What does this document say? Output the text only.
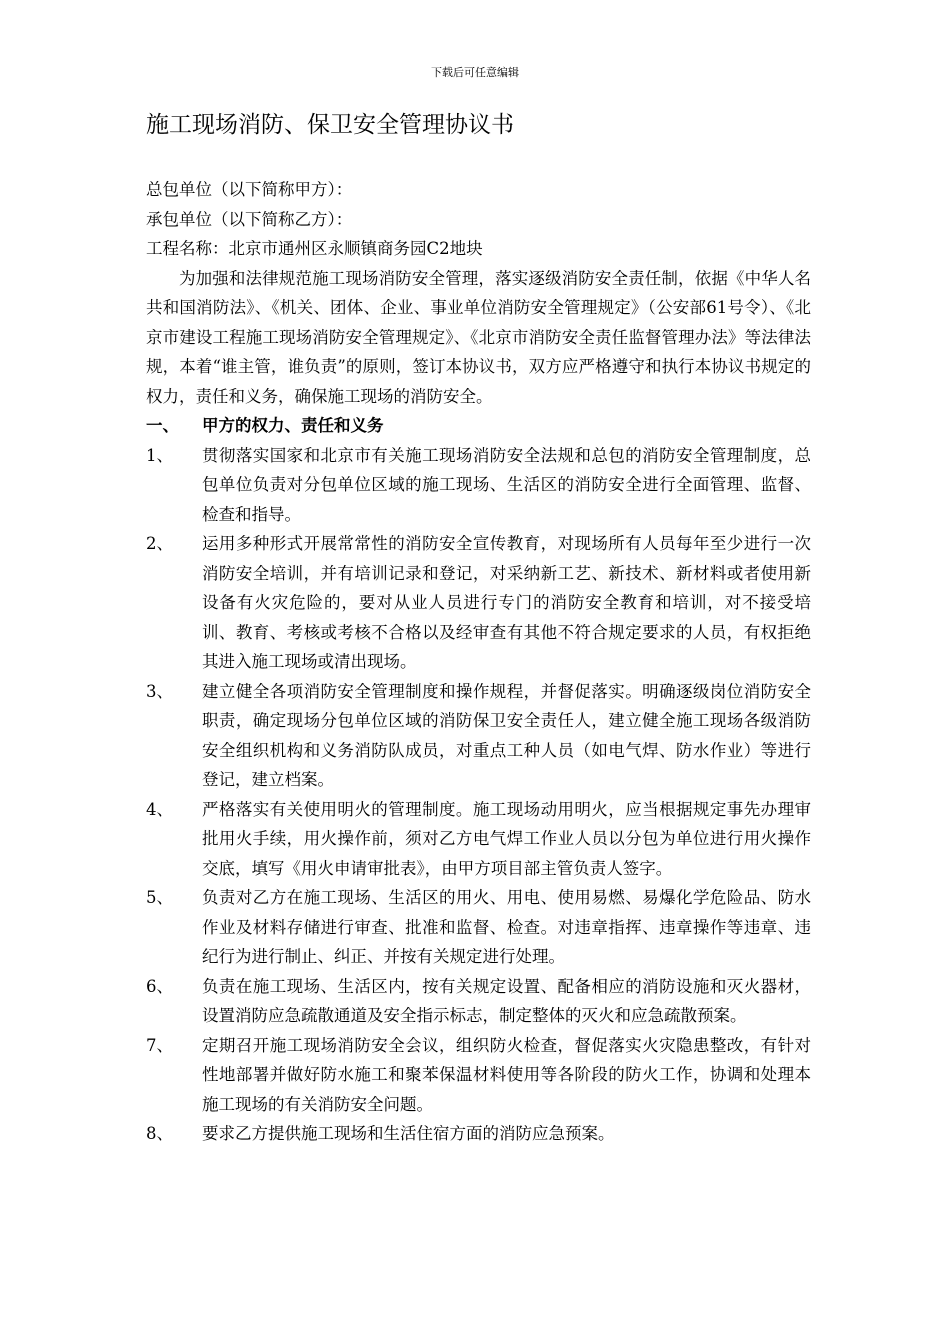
下载后可任意编辑
施工现场消防、保卫安全管理协议书
总包单位（以下简称甲方）：
承包单位（以下简称乙方）：
工程名称：北京市通州区永顺镇商务园C2地块

为加强和法律规范施工现场消防安全管理，落实逐级消防安全责任制，依据《中华人名共和国消防法》、《机关、团体、企业、事业单位消防安全管理规定》（公安部61号令）、《北京市建设工程施工现场消防安全管理规定》、《北京市消防安全责任监督管理办法》等法律法规，本着“谁主管，谁负责”的原则，签订本协议书，双方应严格遵守和执行本协议书规定的权力，责任和义务，确保施工现场的消防安全。

一、	甲方的权力、责任和义务
1、	贯彻落实国家和北京市有关施工现场消防安全法规和总包的消防安全管理制度，总包单位负责对分包单位区域的施工现场、生活区的消防安全进行全面管理、监督、检查和指导。
2、	运用多种形式开展常常性的消防安全宣传教育，对现场所有人员每年至少进行一次消防安全培训，并有培训记录和登记，对采纳新工艺、新技术、新材料或者使用新设备有火灾危险的，要对从业人员进行专门的消防安全教育和培训，对不接受培训、教育、考核或考核不合格以及经审查有其他不符合规定要求的人员，有权拒绝其进入施工现场或清出现场。
3、	建立健全各项消防安全管理制度和操作规程，并督促落实。明确逐级岗位消防安全职责，确定现场分包单位区域的消防保卫安全责任人，建立健全施工现场各级消防安全组织机构和义务消防队成员，对重点工种人员（如电气焊、防水作业）等进行登记，建立档案。
4、	严格落实有关使用明火的管理制度。施工现场动用明火，应当根据规定事先办理审批用火手续，用火操作前，须对乙方电气焊工作业人员以分包为单位进行用火操作交底，填写《用火申请审批表》，由甲方项目部主管负责人签字。
5、	负责对乙方在施工现场、生活区的用火、用电、使用易燃、易爆化学危险品、防水作业及材料存储进行审查、批准和监督、检查。对违章指挥、违章操作等违章、违纪行为进行制止、纠正、并按有关规定进行处理。
6、	负责在施工现场、生活区内，按有关规定设置、配备相应的消防设施和灭火器材，设置消防应急疏散通道及安全指示标志，制定整体的灭火和应急疏散预案。
7、	定期召开施工现场消防安全会议，组织防火检查，督促落实火灾隐患整改，有针对性地部署并做好防水施工和聚苯保温材料使用等各阶段的防火工作，协调和处理本施工现场的有关消防安全问题。
8、	要求乙方提供施工现场和生活住宿方面的消防应急预案。
